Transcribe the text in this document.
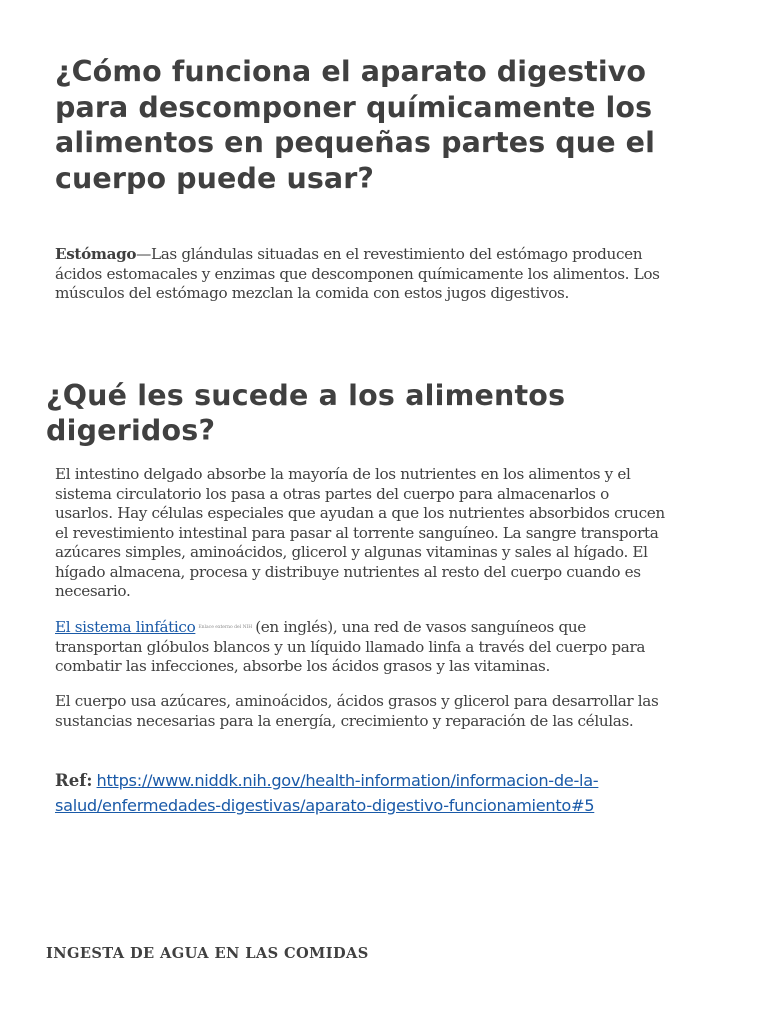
¿Cómo funciona el aparato digestivo para descomponer químicamente los alimentos en pequeñas partes que el cuerpo puede usar?

Estómago—Las glándulas situadas en el revestimiento del estómago producen ácidos estomacales y enzimas que descomponen químicamente los alimentos. Los músculos del estómago mezclan la comida con estos jugos digestivos.

¿Qué les sucede a los alimentos digeridos?

El intestino delgado absorbe la mayoría de los nutrientes en los alimentos y el sistema circulatorio los pasa a otras partes del cuerpo para almacenarlos o usarlos. Hay células especiales que ayudan a que los nutrientes absorbidos crucen el revestimiento intestinal para pasar al torrente sanguíneo. La sangre transporta azúcares simples, aminoácidos, glicerol y algunas vitaminas y sales al hígado. El hígado almacena, procesa y distribuye nutrientes al resto del cuerpo cuando es necesario.

El sistema linfático Enlace externo del NIH (en inglés), una red de vasos sanguíneos que transportan glóbulos blancos y un líquido llamado linfa a través del cuerpo para combatir las infecciones, absorbe los ácidos grasos y las vitaminas.

El cuerpo usa azúcares, aminoácidos, ácidos grasos y glicerol para desarrollar las sustancias necesarias para la energía, crecimiento y reparación de las células.

Ref: https://www.niddk.nih.gov/health-information/informacion-de-la-salud/enfermedades-digestivas/aparato-digestivo-funcionamiento#5
INGESTA DE AGUA EN LAS COMIDAS
